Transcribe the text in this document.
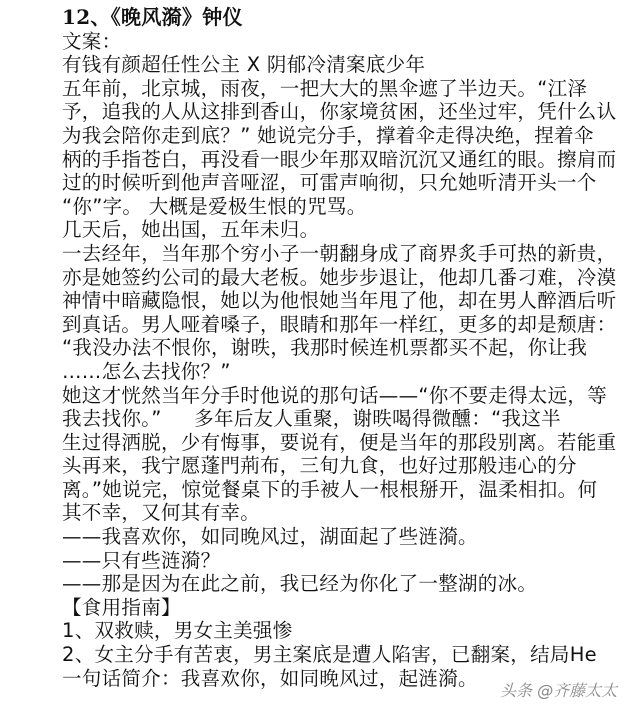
12、《晚风漪》钟仪
文案：
有钱有颜超任性公主 X 阴郁冷清案底少年
五年前，北京城，雨夜，一把大大的黑伞遮了半边天。“江泽
予，追我的人从这排到香山，你家境贫困，还坐过牢，凭什么认
为我会陪你走到底？” 她说完分手，撑着伞走得决绝，捏着伞
柄的手指苍白，再没看一眼少年那双暗沉沉又通红的眼。擦肩而
过的时候听到他声音哑涩，可雷声响彻，只允她听清开头一个
“你”字。 大概是爱极生恨的咒骂。
几天后，她出国，五年未归。
一去经年，当年那个穷小子一朝翻身成了商界炙手可热的新贵，
亦是她签约公司的最大老板。她步步退让，他却几番刁难，冷漠
神情中暗藏隐恨，她以为他恨她当年甩了他，却在男人醉酒后听
到真话。男人哑着嗓子，眼睛和那年一样红，更多的却是颓唐：
“我没办法不恨你，谢昳，我那时候连机票都买不起，你让我
……怎么去找你？”
她这才恍然当年分手时他说的那句话——“你不要走得太远，等
我去找你。”     多年后友人重聚，谢昳喝得微醺：“我这半
生过得洒脱，少有悔事，要说有，便是当年的那段别离。若能重
头再来，我宁愿蓬門荊布，三旬九食，也好过那般违心的分
离。”她说完，惊觉餐桌下的手被人一根根掰开，温柔相扣。何
其不幸，又何其有幸。
——我喜欢你，如同晚风过，湖面起了些涟漪。
——只有些涟漪？
——那是因为在此之前，我已经为你化了一整湖的冰。
【食用指南】
1、双救赎，男女主美强惨
2、女主分手有苦衷，男主案底是遭人陷害，已翻案，结局He
一句话简介：我喜欢你，如同晚风过，起涟漪。
头条 @齐藤太太
